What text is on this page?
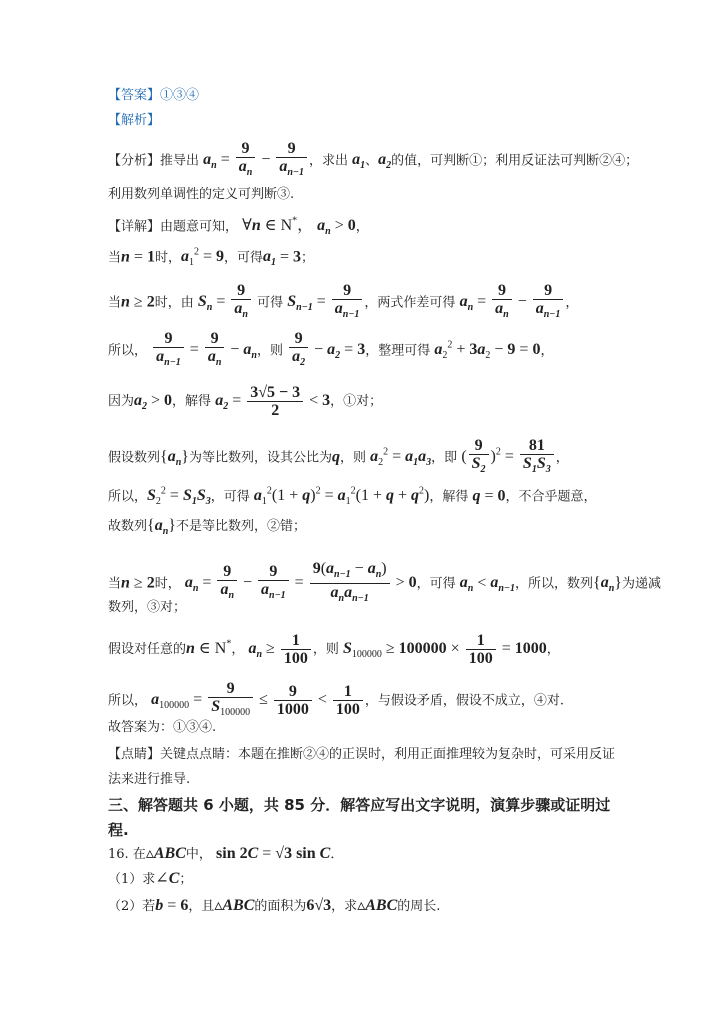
【答案】①③④
【解析】
【分析】推导出 $a_n = \frac{9}{a_n} - \frac{9}{a_{n-1}}$ ，求出 $a_1$、$a_2$的值，可判断①；利用反证法可判断②④；
利用数列单调性的定义可判断③.
【详解】由题意可知， ∀n ∈ N*， $a_n > 0$，
当n = 1时，$a_1^2 = 9$，可得$a_1 = 3$；
当n ≥ 2时，由 $S_n = \frac{9}{a_n}$ 可得 $S_{n-1} = \frac{9}{a_{n-1}}$ ，两式作差可得 $a_n = \frac{9}{a_n} - \frac{9}{a_{n-1}}$ ，
所以， $\frac{9}{a_{n-1}} = \frac{9}{a_n} - a_n$，则 $\frac{9}{a_2} - a_2 = 3$，整理可得 $a_2^2 + 3a_2 - 9 = 0$，
因为$a_2 > 0$，解得 $a_2 = \frac{3√5 - 3}{2} < 3$，①对；
假设数列$\{a_n\}$为等比数列，设其公比为q，则 $a_2^2 = a_1a_3$，即 ( $\frac{9}{S_2} )^2 = \frac{81}{S_1S_3}$ ，
所以，$S_2^2 = S_1S_3$，可得 $a_1^2(1 + q)^2 = a_1^2(1 + q + q^2)$，解得 q = 0，不合乎题意，
故数列$\{a_n\}$不是等比数列，②错；
当n ≥ 2时， $a_n = \frac{9}{a_n} - \frac{9}{a_{n-1}} = \frac{9(a_{n-1} - a_n)}{a_na_{n-1}} > 0$，可得 $a_n < a_{n-1}$，所以，数列$\{a_n\}$为递减
数列，③对；
假设对任意的n ∈ N*， $a_n \ge \frac{1}{100}$ ，则 $S_{100000} \ge 100000 \times \frac{1}{100} = 1000$，
所以， $a_{100000} = \frac{9}{S_{100000}} \le \frac{9}{1000} < \frac{1}{100}$ ，与假设矛盾，假设不成立，④对.
故答案为：①③④.
【点睛】关键点点睛：本题在推断②④的正误时，利用正面推理较为复杂时，可采用反证
法来进行推导.
三、解答题共 6 小题，共 85 分．解答应写出文字说明，演算步骤或证明过
程.
16. 在▵ABC中， sin 2C = √3 sin C．
（1）求∠C；
（2）若b = 6，且▵ABC的面积为6√3，求▵ABC的周长.
